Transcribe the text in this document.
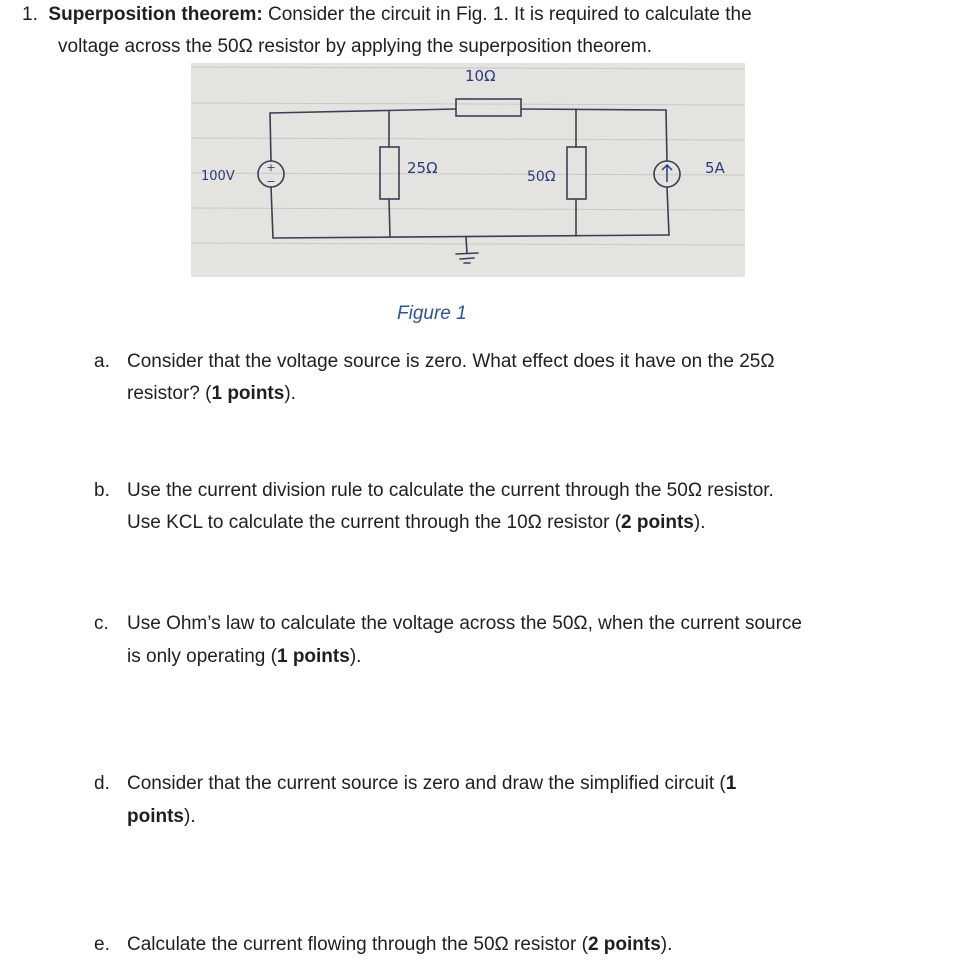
1. Superposition theorem: Consider the circuit in Fig. 1. It is required to calculate the
voltage across the 50Ω resistor by applying the superposition theorem.
+
−
10Ω
100V	25Ω	50Ω	5A
Figure 1
a. Consider that the voltage source is zero. What effect does it have on the 25Ω
resistor? (1 points).
b. Use the current division rule to calculate the current through the 50Ω resistor.
Use KCL to calculate the current through the 10Ω resistor (2 points).
c. Use Ohm’s law to calculate the voltage across the 50Ω, when the current source
is only operating (1 points).
d. Consider that the current source is zero and draw the simplified circuit (1
points).
e. Calculate the current flowing through the 50Ω resistor (2 points).
